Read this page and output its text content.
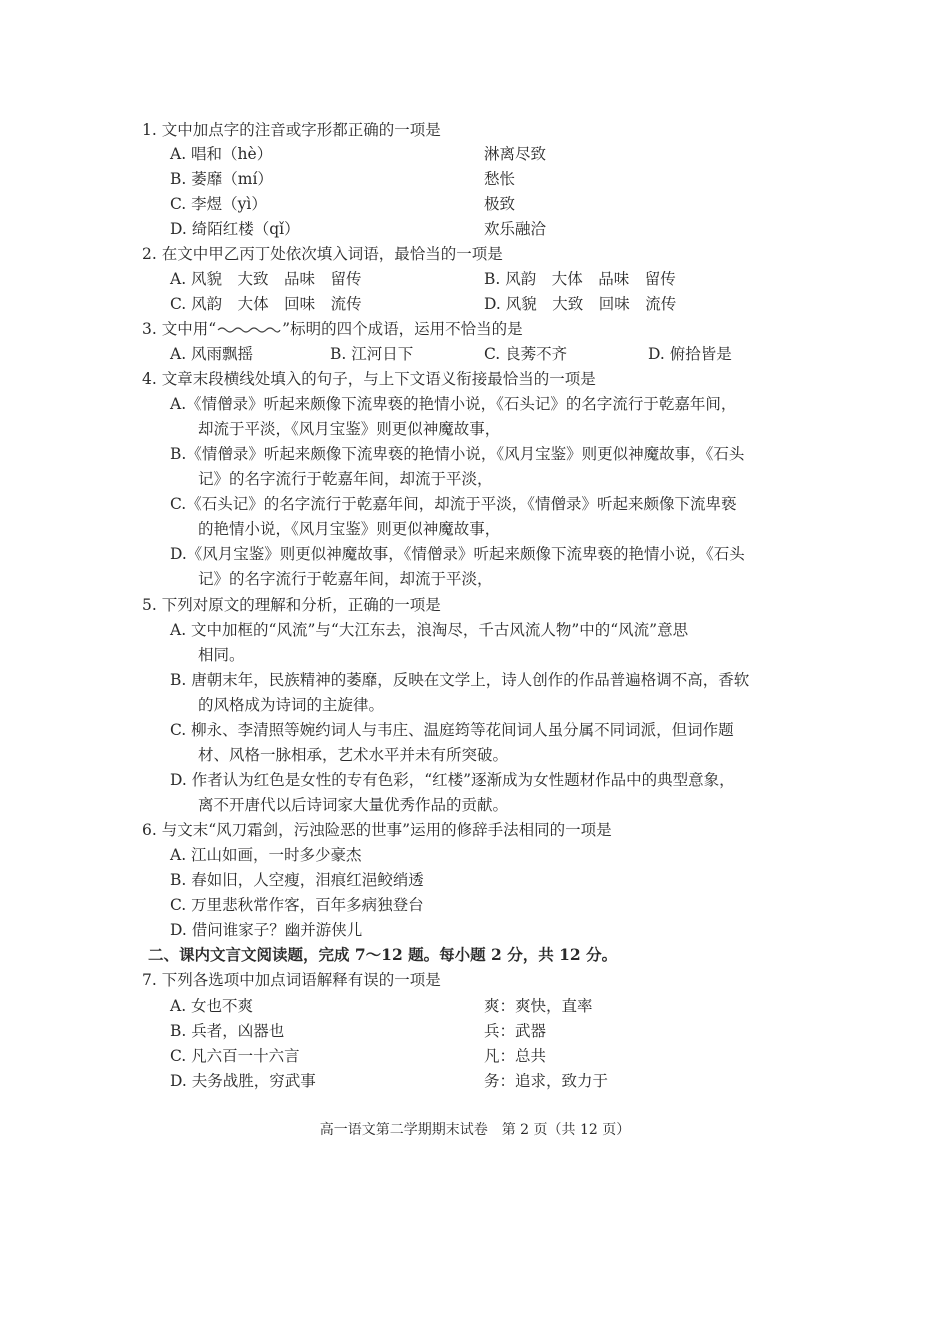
1. 文中加点字的注音或字形都正确的一项是
A. 唱和（hè）	淋离尽致
B. 萎靡（mí）	愁怅
C. 李煜（yì）	极致
D. 绮陌红楼（qǐ）	欢乐融洽
2. 在文中甲乙丙丁处依次填入词语，最恰当的一项是
A. 风貌　大致　品味　留传	B. 风韵　大体　品味　留传
C. 风韵　大体　回味　流传	D. 风貌　大致　回味　流传
3. 文中用“	”标明的四个成语，运用不恰当的是
A. 风雨飘摇	B. 江河日下	C. 良莠不齐	D. 俯拾皆是
4. 文章末段横线处填入的句子，与上下文语义衔接最恰当的一项是
A.《情僧录》听起来颇像下流卑亵的艳情小说，《石头记》的名字流行于乾嘉年间，
却流于平淡，《风月宝鉴》则更似神魔故事，
B.《情僧录》听起来颇像下流卑亵的艳情小说，《风月宝鉴》则更似神魔故事，《石头
记》的名字流行于乾嘉年间，却流于平淡，
C.《石头记》的名字流行于乾嘉年间，却流于平淡，《情僧录》听起来颇像下流卑亵
的艳情小说，《风月宝鉴》则更似神魔故事，
D.《风月宝鉴》则更似神魔故事，《情僧录》听起来颇像下流卑亵的艳情小说，《石头
记》的名字流行于乾嘉年间，却流于平淡，
5. 下列对原文的理解和分析，正确的一项是
A. 文中加框的“风流”与“大江东去，浪淘尽，千古风流人物”中的“风流”意思
相同。
B. 唐朝末年，民族精神的萎靡，反映在文学上，诗人创作的作品普遍格调不高，香软
的风格成为诗词的主旋律。
C. 柳永、李清照等婉约词人与韦庄、温庭筠等花间词人虽分属不同词派，但词作题
材、风格一脉相承，艺术水平并未有所突破。
D. 作者认为红色是女性的专有色彩，“红楼”逐渐成为女性题材作品中的典型意象，
离不开唐代以后诗词家大量优秀作品的贡献。
6. 与文末“风刀霜剑，污浊险恶的世事”运用的修辞手法相同的一项是
A. 江山如画，一时多少豪杰
B. 春如旧，人空瘦，泪痕红浥鲛绡透
C. 万里悲秋常作客，百年多病独登台
D. 借问谁家子？幽并游侠儿
二、课内文言文阅读题，完成 7～12 题。每小题 2 分，共 12 分。
7. 下列各选项中加点词语解释有误的一项是
A. 女也不爽	爽：爽快，直率
B. 兵者，凶器也	兵：武器
C. 凡六百一十六言	凡：总共
D. 夫务战胜，穷武事	务：追求，致力于
高一语文第二学期期末试卷　第 2 页（共 12 页）
